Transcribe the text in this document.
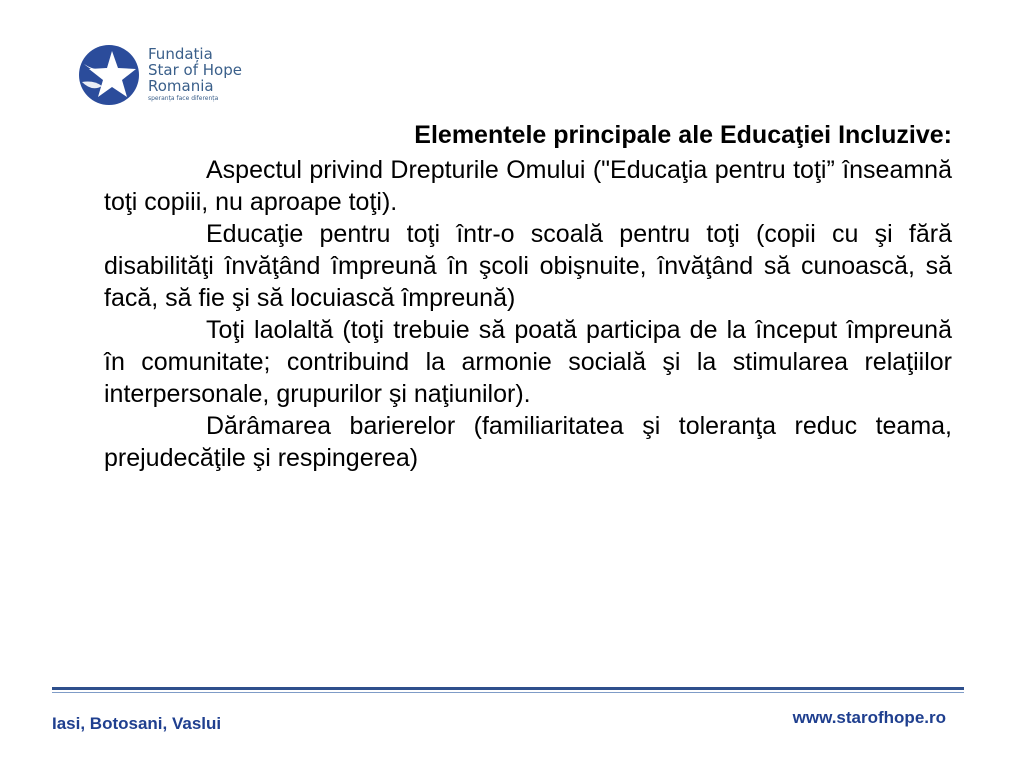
Fundația
Star of Hope
Romania
speranța face diferența

Elementele principale ale Educaţiei Incluzive:

Aspectul privind Drepturile Omului ("Educaţia pentru toţi” înseamnă toţi copiii, nu aproape toţi).

Educaţie pentru toţi într-o scoală pentru toţi (copii cu şi fără disabilităţi învăţând împreună în şcoli obişnuite, învăţând să cunoască, să facă, să fie şi să locuiască împreună)

Toţi laolaltă (toţi trebuie să poată participa de la început împreună în comunitate; contribuind la armonie socială şi la stimularea relaţiilor interpersonale, grupurilor şi naţiunilor).

Dărâmarea barierelor (familiaritatea şi toleranţa reduc teama, prejudecăţile şi respingerea)

Iasi, Botosani, Vaslui	www.starofhope.ro
